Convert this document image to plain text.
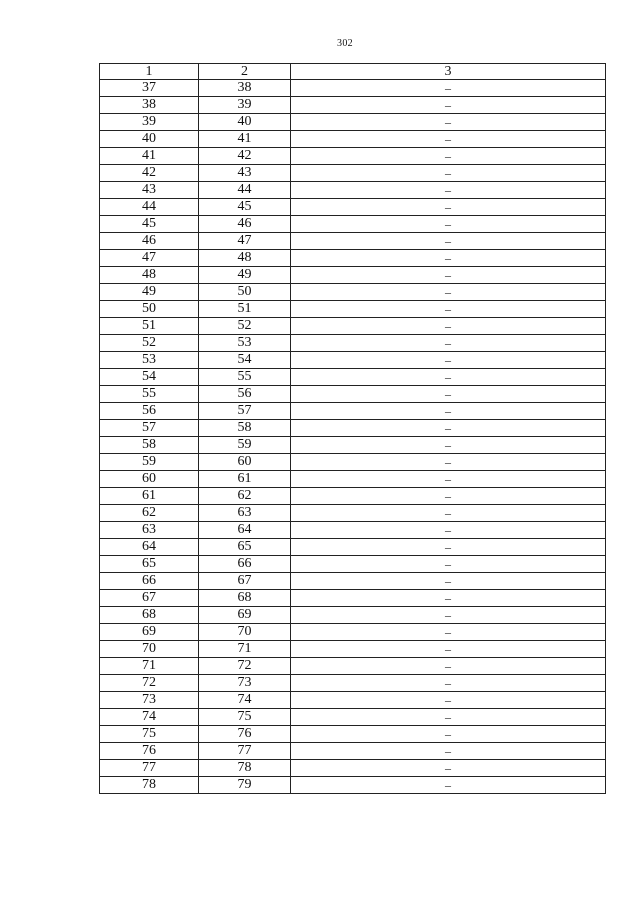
302
1	2	3
37	38	–
38	39	–
39	40	–
40	41	–
41	42	–
42	43	–
43	44	–
44	45	–
45	46	–
46	47	–
47	48	–
48	49	–
49	50	–
50	51	–
51	52	–
52	53	–
53	54	–
54	55	–
55	56	–
56	57	–
57	58	–
58	59	–
59	60	–
60	61	–
61	62	–
62	63	–
63	64	–
64	65	–
65	66	–
66	67	–
67	68	–
68	69	–
69	70	–
70	71	–
71	72	–
72	73	–
73	74	–
74	75	–
75	76	–
76	77	–
77	78	–
78	79	–
